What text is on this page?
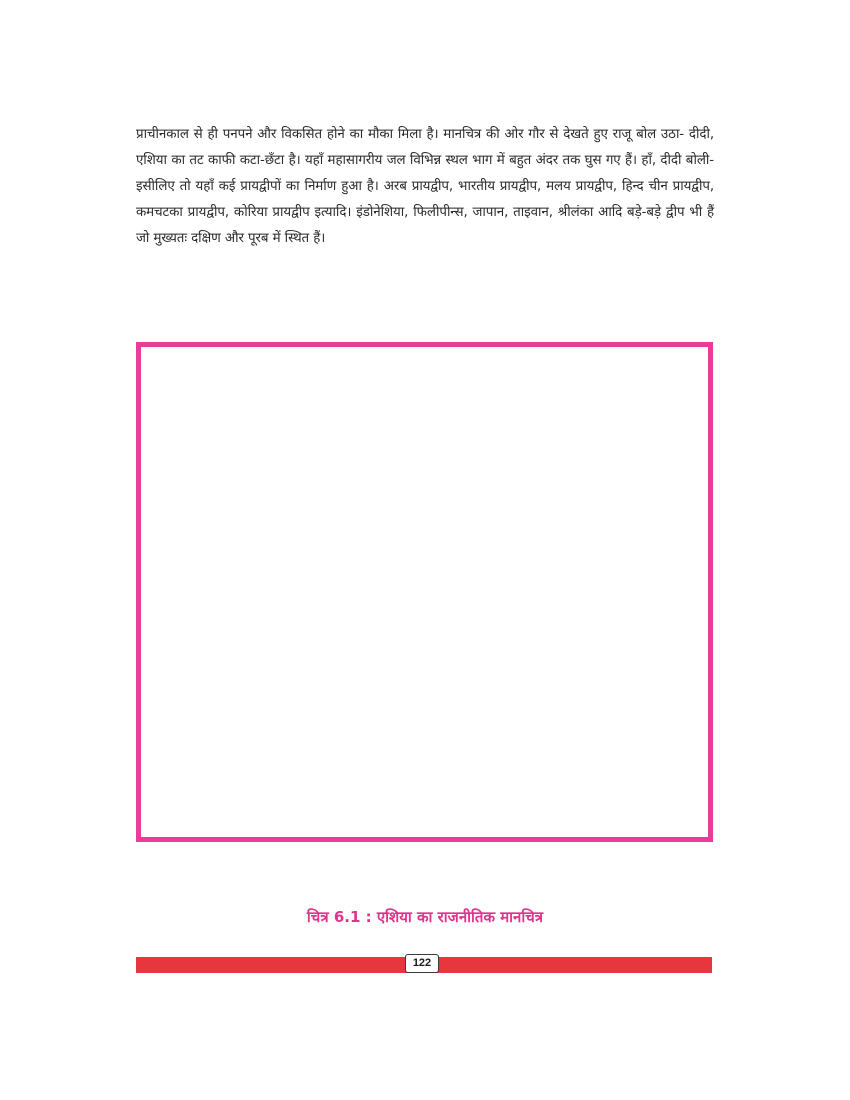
प्राचीनकाल से ही पनपने और विकसित होने का मौका मिला है। मानचित्र की ओर गौर से देखते हुए राजू बोल उठा- दीदी, एशिया का तट काफी कटा-छँटा है। यहाँ महासागरीय जल विभिन्न स्थल भाग में बहुत अंदर तक घुस गए हैं। हाँ, दीदी बोली- इसीलिए तो यहाँ कई प्रायद्वीपों का निर्माण हुआ है। अरब प्रायद्वीप, भारतीय प्रायद्वीप, मलय प्रायद्वीप, हिन्द चीन प्रायद्वीप, कमचटका प्रायद्वीप, कोरिया प्रायद्वीप इत्यादि। इंडोनेशिया, फिलीपीन्स, जापान, ताइवान, श्रीलंका आदि बड़े-बड़े द्वीप भी हैं जो मुख्यतः दक्षिण और पूरब में स्थित हैं।

चित्र 6.1 : एशिया का राजनीतिक मानचित्र

122
